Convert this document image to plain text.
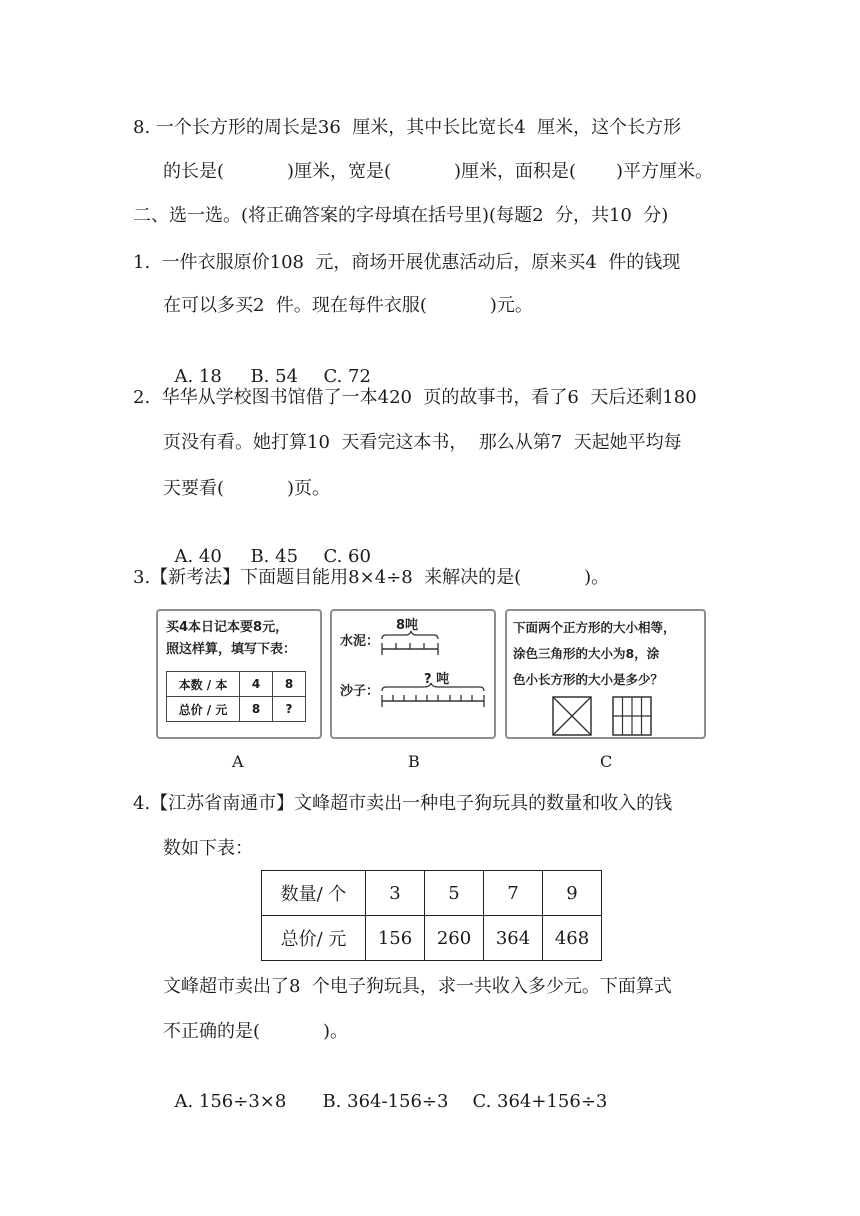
8. 一个长方形的周长是36  厘米，其中长比宽长4  厘米，这个长方形
的长是(           )厘米，宽是(           )厘米，面积是(       )平方厘米。
二、选一选。(将正确答案的字母填在括号里)(每题2  分，共10  分)
1.  一件衣服原价108  元，商场开展优惠活动后，原来买4  件的钱现
在可以多买2  件。现在每件衣服(           )元。

A. 18 B. 54 C. 72

2.  华华从学校图书馆借了一本420  页的故事书，看了6  天后还剩180
页没有看。她打算10  天看完这本书，  那么从第7  天起她平均每
天要看(           )页。

A. 40 B. 45 C. 60

3.【新考法】下面题目能用8×4÷8  来解决的是(           )。
买4本日记本要8元，
照这样算，填写下表：
本数 / 本	4	8
总价 / 元	8	?
水泥：
8吨
沙子：
? 吨
下面两个正方形的大小相等，
涂色三角形的大小为8，涂
色小长方形的大小是多少？
A	B	C
4.【江苏省南通市】文峰超市卖出一种电子狗玩具的数量和收入的钱
数如下表：
数量/ 个	3	5	7	9
总价/ 元	156	260	364	468
文峰超市卖出了8  个电子狗玩具，求一共收入多少元。下面算式
不正确的是(           )。

A. 156÷3×8 B. 364-156÷3 C. 364+156÷3
